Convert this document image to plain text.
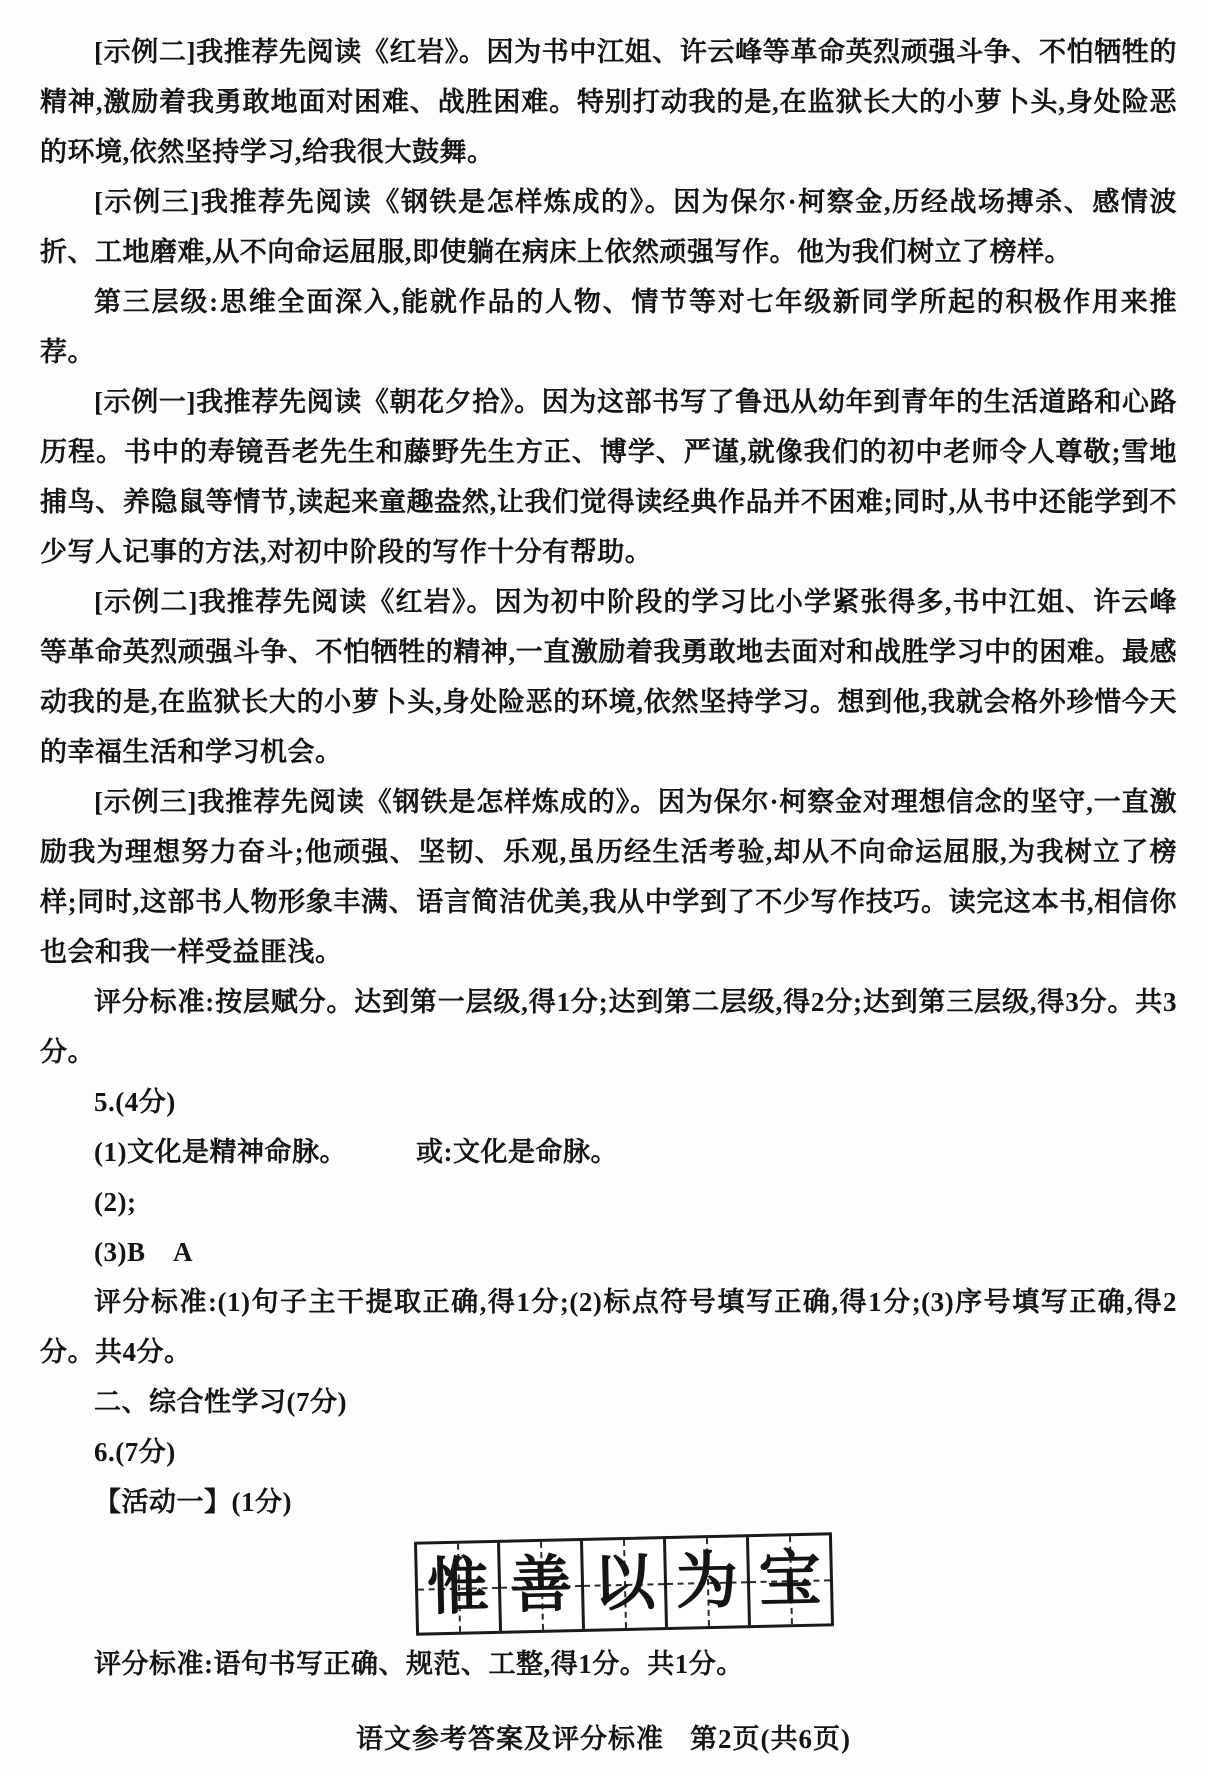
[示例二]我推荐先阅读《红岩》。因为书中江姐、许云峰等革命英烈顽强斗争、不怕牺牲的精神,激励着我勇敢地面对困难、战胜困难。特别打动我的是,在监狱长大的小萝卜头,身处险恶的环境,依然坚持学习,给我很大鼓舞。

[示例三]我推荐先阅读《钢铁是怎样炼成的》。因为保尔·柯察金,历经战场搏杀、感情波折、工地磨难,从不向命运屈服,即使躺在病床上依然顽强写作。他为我们树立了榜样。

第三层级:思维全面深入,能就作品的人物、情节等对七年级新同学所起的积极作用来推荐。

[示例一]我推荐先阅读《朝花夕拾》。因为这部书写了鲁迅从幼年到青年的生活道路和心路历程。书中的寿镜吾老先生和藤野先生方正、博学、严谨,就像我们的初中老师令人尊敬;雪地捕鸟、养隐鼠等情节,读起来童趣盎然,让我们觉得读经典作品并不困难;同时,从书中还能学到不少写人记事的方法,对初中阶段的写作十分有帮助。

[示例二]我推荐先阅读《红岩》。因为初中阶段的学习比小学紧张得多,书中江姐、许云峰等革命英烈顽强斗争、不怕牺牲的精神,一直激励着我勇敢地去面对和战胜学习中的困难。最感动我的是,在监狱长大的小萝卜头,身处险恶的环境,依然坚持学习。想到他,我就会格外珍惜今天的幸福生活和学习机会。

[示例三]我推荐先阅读《钢铁是怎样炼成的》。因为保尔·柯察金对理想信念的坚守,一直激励我为理想努力奋斗;他顽强、坚韧、乐观,虽历经生活考验,却从不向命运屈服,为我树立了榜样;同时,这部书人物形象丰满、语言简洁优美,我从中学到了不少写作技巧。读完这本书,相信你也会和我一样受益匪浅。

评分标准:按层赋分。达到第一层级,得1分;达到第二层级,得2分;达到第三层级,得3分。共3分。

5.(4分)

(1)文化是精神命脉。　　　或:文化是命脉。

(2);

(3)B　A

评分标准:(1)句子主干提取正确,得1分;(2)标点符号填写正确,得1分;(3)序号填写正确,得2分。共4分。

二、综合性学习(7分)

6.(7分)

【活动一】(1分)

惟 善 以 为 宝

评分标准:语句书写正确、规范、工整,得1分。共1分。

语文参考答案及评分标准 第2页(共6页)
